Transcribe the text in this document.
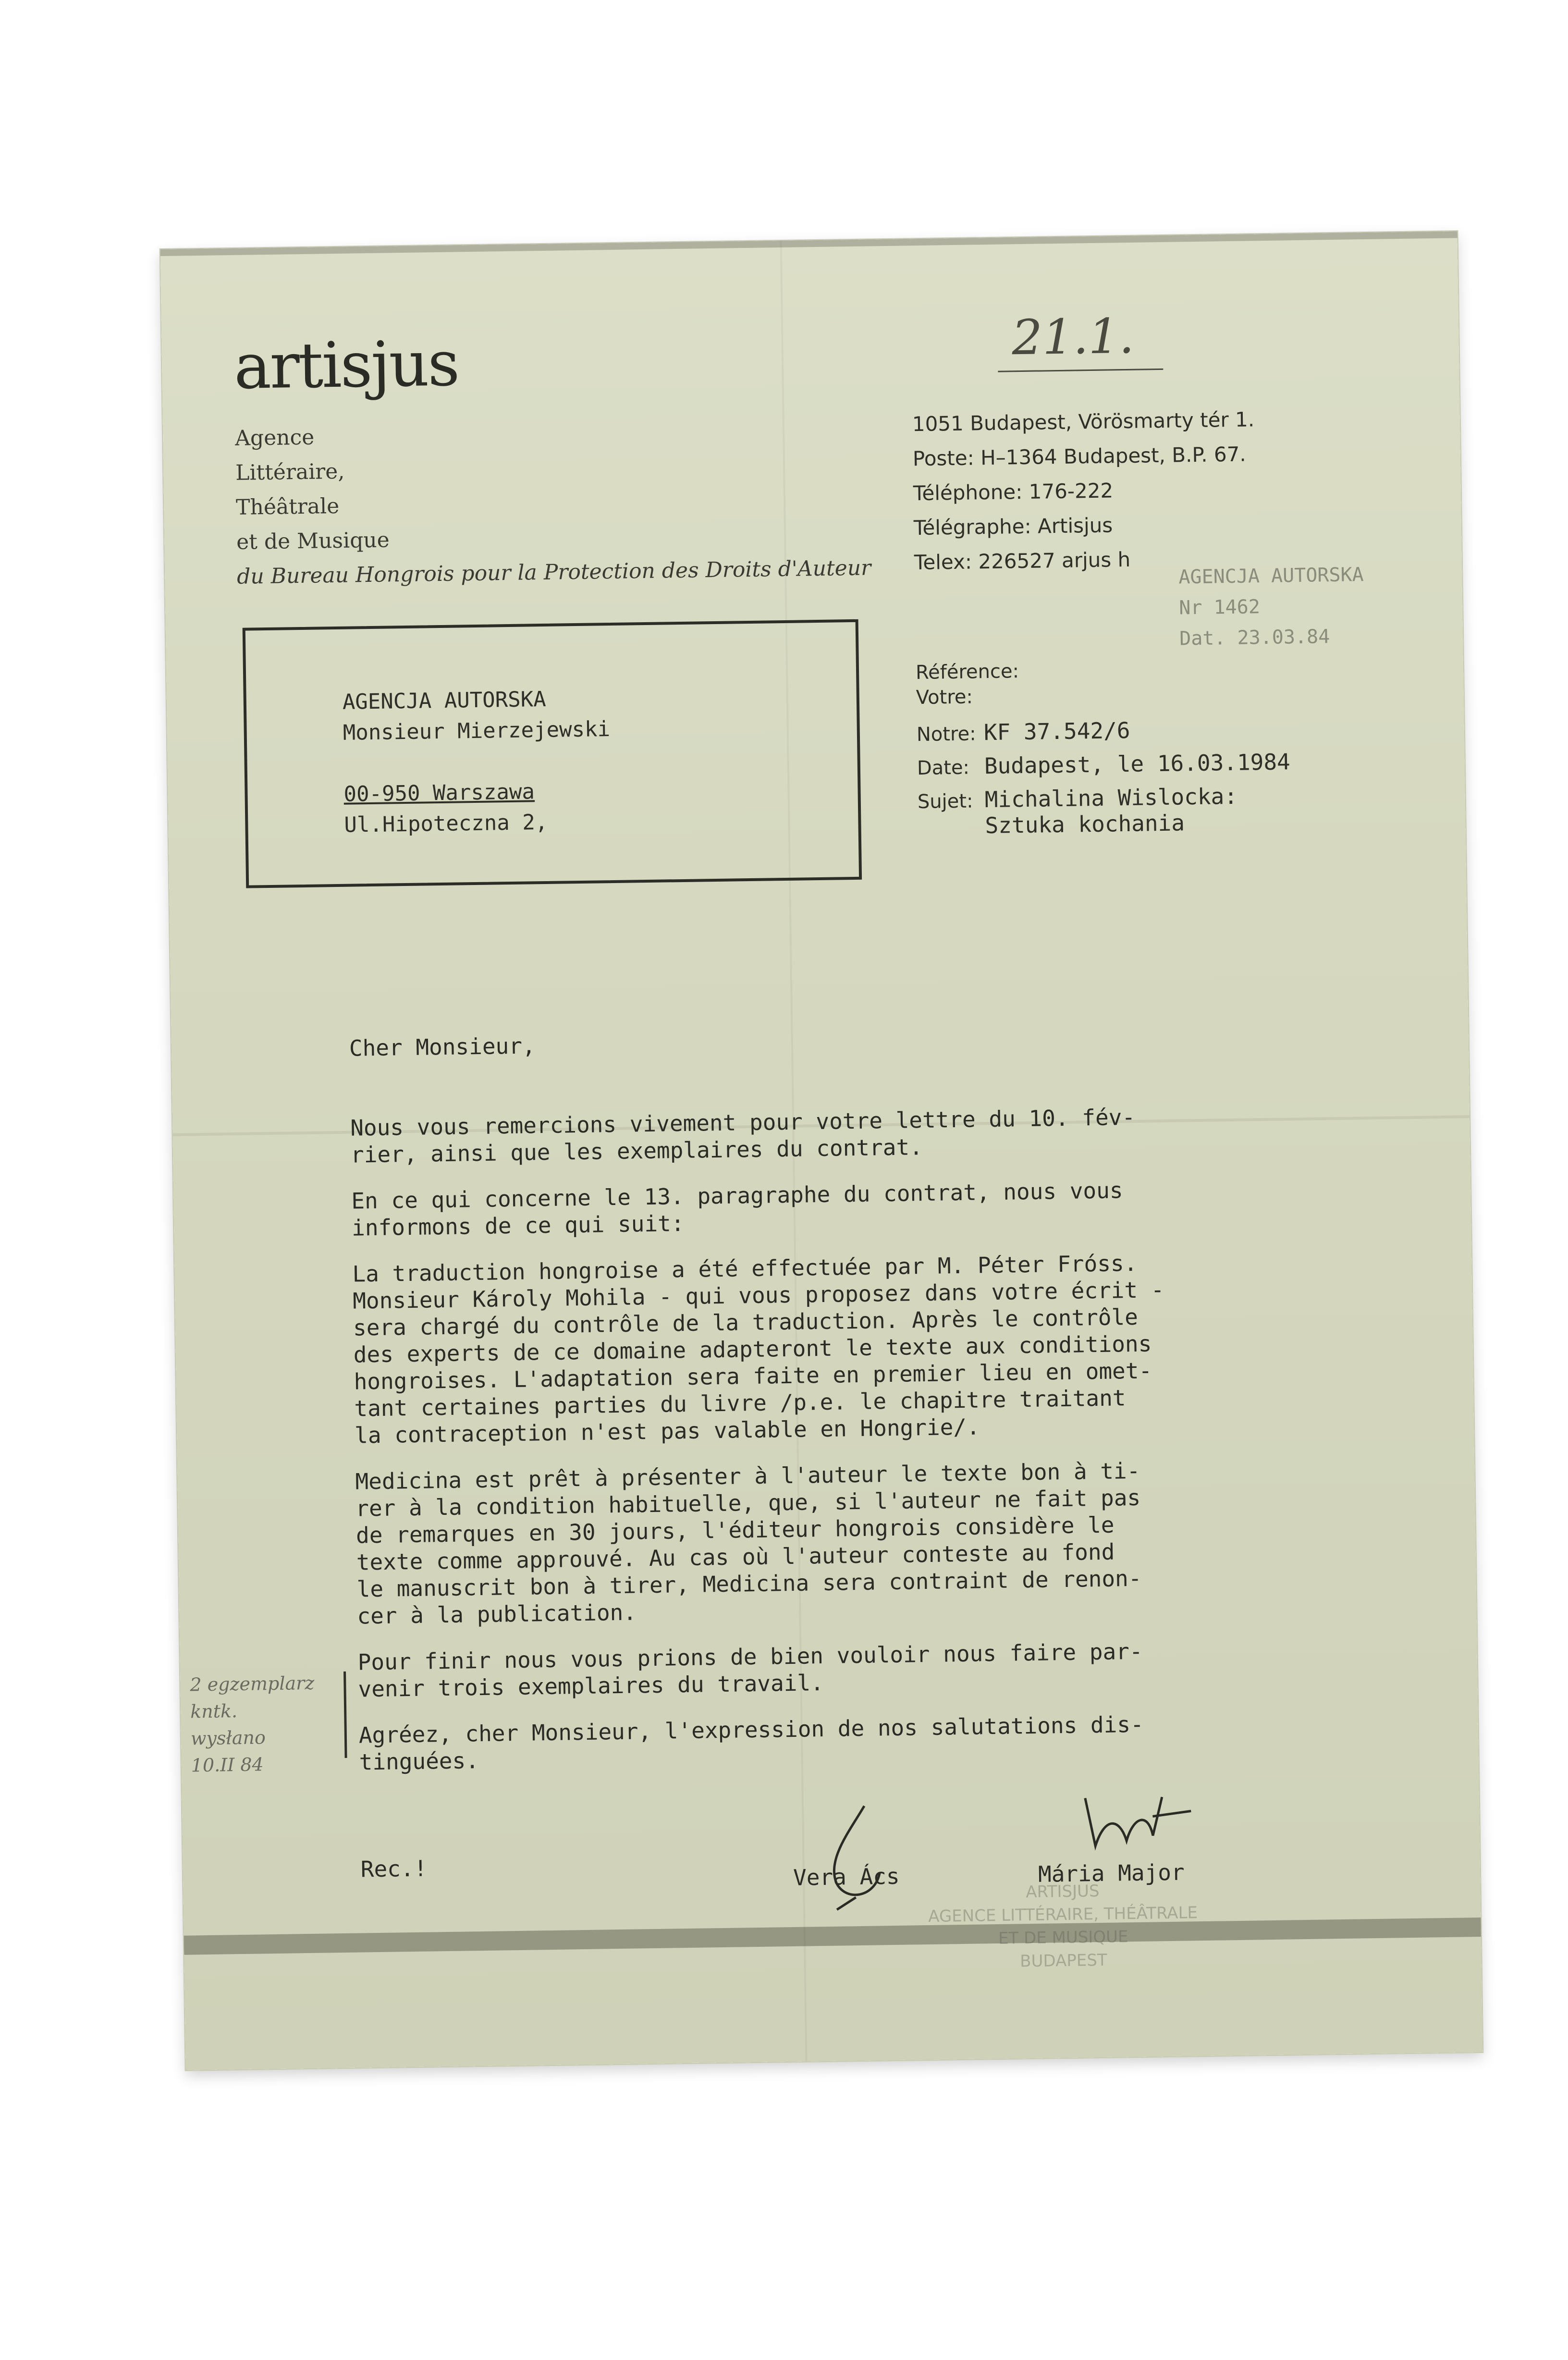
artisjus
Agence
Littéraire,
Théâtrale
et de Musique
du Bureau Hongrois pour la Protection des Droits d'Auteur
21.1.
1051 Budapest, Vörösmarty tér 1.
Poste: H–1364 Budapest, B.P. 67.
Téléphone: 176-222
Télégraphe: Artisjus
Telex: 226527 arjus h
AGENCJA AUTORSKA
Nr 1462
Dat. 23.03.84
AGENCJA AUTORSKA
Monsieur Mierzejewski

00-950 Warszawa
Ul.Hipoteczna 2,
Référence:
Votre:
Notre: KF 37.542/6
Date: Budapest, le 16.03.1984
Sujet: Michalina Wislocka:
Sztuka kochania
Cher Monsieur,
Nous vous remercions vivement pour votre lettre du 10. fév-
rier, ainsi que les exemplaires du contrat.
En ce qui concerne le 13. paragraphe du contrat, nous vous
informons de ce qui suit:
La traduction hongroise a été effectuée par M. Péter Fróss.
Monsieur Károly Mohila - qui vous proposez dans votre écrit -
sera chargé du contrôle de la traduction. Après le contrôle
des experts de ce domaine adapteront le texte aux conditions
hongroises. L'adaptation sera faite en premier lieu en omet-
tant certaines parties du livre /p.e. le chapitre traitant
la contraception n'est pas valable en Hongrie/.
Medicina est prêt à présenter à l'auteur le texte bon à ti-
rer à la condition habituelle, que, si l'auteur ne fait pas
de remarques en 30 jours, l'éditeur hongrois considère le
texte comme approuvé. Au cas où l'auteur conteste au fond
le manuscrit bon à tirer, Medicina sera contraint de renon-
cer à la publication.
Pour finir nous vous prions de bien vouloir nous faire par-
venir trois exemplaires du travail.
Agréez, cher Monsieur, l'expression de nos salutations dis-
tinguées.
2 egzemplarz
kntk.
wysłano
10.II 84
Rec.!
ARTISJUS
AGENCE LITTÉRAIRE, THÉÂTRALE
ET DE MUSIQUE
BUDAPEST
Vera Ács	Mária Major
